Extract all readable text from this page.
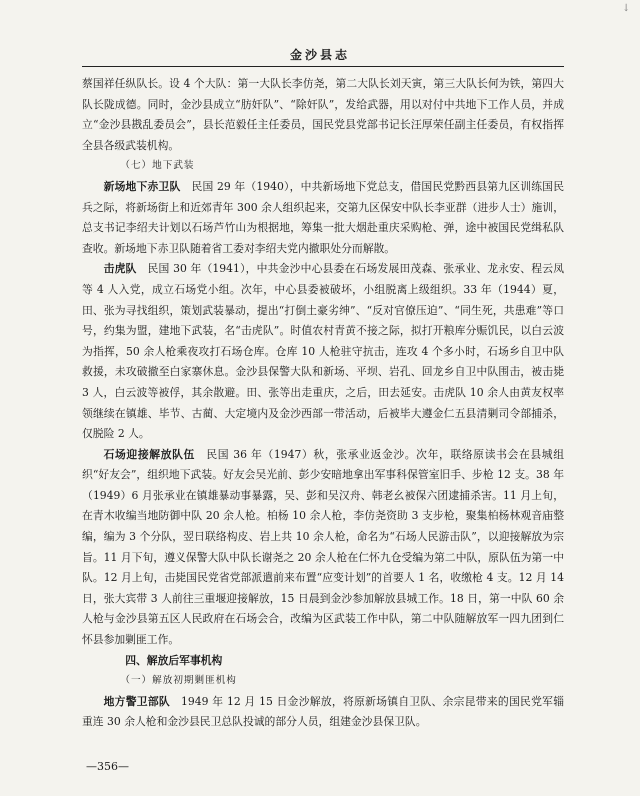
↓
金沙县志

蔡国祥任纵队长。设 4 个大队：第一大队长李仿尧，第二大队长刘天寅，第三大队长何为铁，第四大队长陇成德。同时，金沙县成立“肪奸队”、“除奸队”，发给武器，用以对付中共地下工作人员，并成立“金沙县戡乱委员会”，县长范毅任主任委员，国民党县党部书记长汪厚荣任副主任委员，有权指挥全县各级武装机构。

（七）地下武装

新场地下赤卫队　民国 29 年（1940），中共新场地下党总支，借国民党黔西县第九区训练国民兵之际，将新场街上和近郊青年 300 余人组织起来，交第九区保安中队长李亚群（进步人士）施训，总支书记李绍夫计划以石场芦竹山为根据地，筹集一批大烟赴重庆采购枪、弹，途中被国民党缉私队查收。新场地下赤卫队随着省工委对李绍夫党内撤职处分而解散。

击虎队　民国 30 年（1941），中共金沙中心县委在石场发展田茂森、张承业、龙永安、程云凤等 4 人入党，成立石场党小组。次年，中心县委被破坏，小组脱离上级组织。33 年（1944）夏，田、张为寻找组织，策划武装暴动，提出“打倒土豪劣绅”、“反对官僚压迫”、“同生死，共患难”等口号，约集为盟，建地下武装，名“击虎队”。时值农村青黄不接之际，拟打开粮库分赈饥民，以白云波为指挥，50 余人枪乘夜攻打石场仓库。仓库 10 人枪驻守抗击，连攻 4 个多小时，石场乡自卫中队救援，未攻破撤至白家寨休息。金沙县保警大队和新场、平坝、岩孔、回龙乡自卫中队围击，被击毙 3 人，白云波等被俘，其余散避。田、张等出走重庆，之后，田去延安。击虎队 10 余人由黄友权率领继续在镇雄、毕节、古蔺、大定境内及金沙西部一带活动，后被毕大遵金仁五县清剿司令部捕杀，仅脱险 2 人。

石场迎接解放队伍　民国 36 年（1947）秋，张承业返金沙。次年，联络原读书会在县城组织“好友会”，组织地下武装。好友会吴光前、彭少安暗地拿出军事科保管室旧手、步枪 12 支。38 年（1949）6 月张承业在镇雄暴动事暴露，吴、彭和吴汉舟、韩老幺被保六团逮捕杀害。11 月上旬，在青木收编当地防御中队 20 余人枪。柏杨 10 余人枪，李仿尧资助 3 支步枪，聚集柏杨林观音庙整编，编为 3 个分队，翌日联络构皮、岩上共 10 余人枪，命名为“石场人民游击队”，以迎接解放为宗旨。11 月下旬，遵义保警大队中队长谢尧之 20 余人枪在仁怀九仓受编为第二中队，原队伍为第一中队。12 月上旬，击毙国民党省党部派遣前来布置“应变计划”的首要人 1 名，收缴枪 4 支。12 月 14 日，张大宾带 3 人前往三重堰迎接解放，15 日晨到金沙参加解放县城工作。18 日，第一中队 60 余人枪与金沙县第五区人民政府在石场会合，改编为区武装工作中队，第二中队随解放军一四九团到仁怀县参加剿匪工作。

四、解放后军事机构

（一）解放初期剿匪机构

地方警卫部队　1949 年 12 月 15 日金沙解放，将原新场镇自卫队、余宗昆带来的国民党军辎重连 30 余人枪和金沙县民卫总队投诚的部分人员，组建金沙县保卫队。

—356—
